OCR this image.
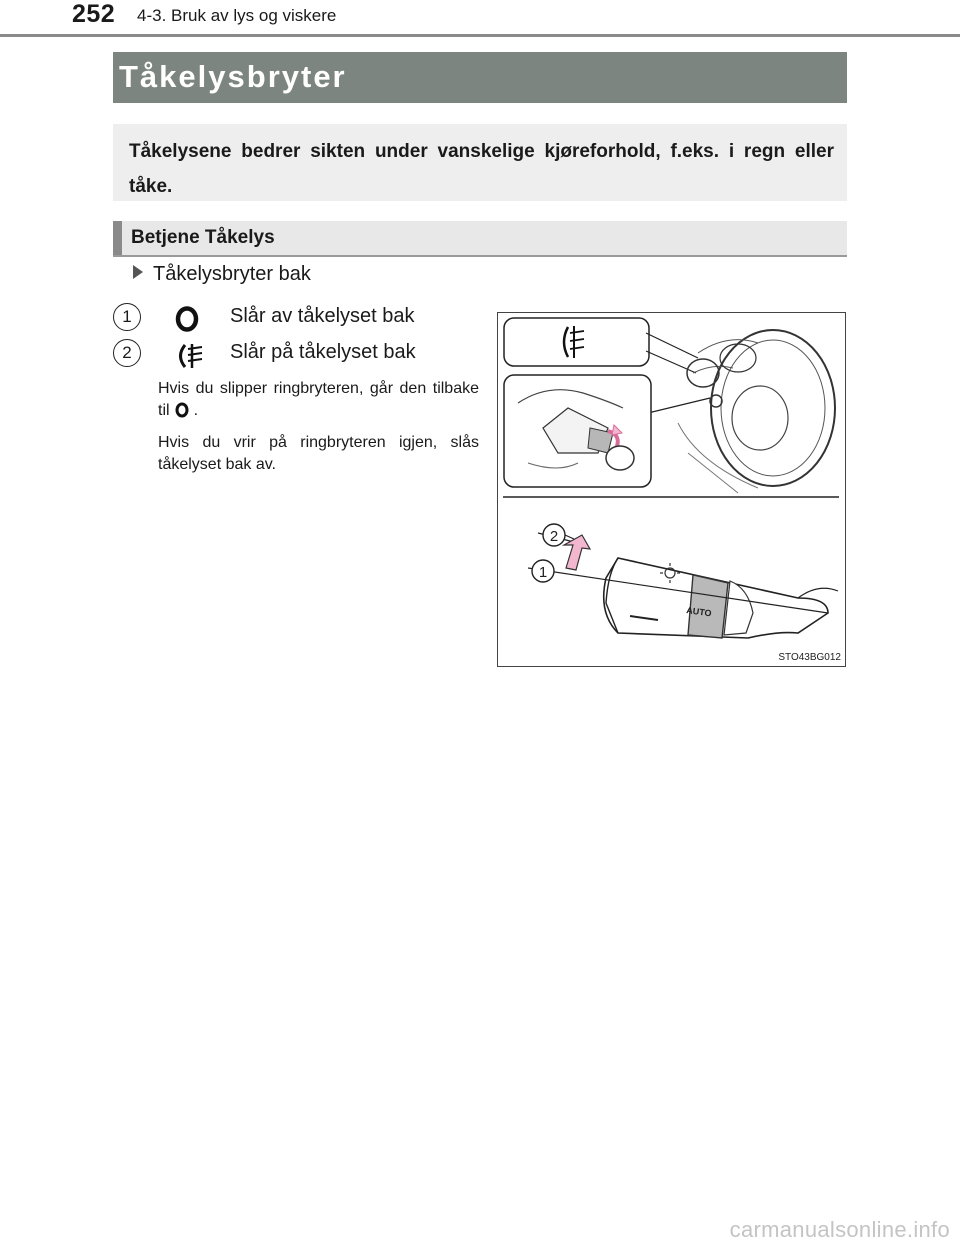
252 4-3. Bruk av lys og viskere
Tåkelysbryter
Tåkelysene bedrer sikten under vanskelige kjøreforhold, f.eks. i regn eller tåke.
Betjene Tåkelys
Tåkelysbryter bak
1	Slår av tåkelyset bak
2	Slår på tåkelyset bak
Hvis du slipper ringbryteren, går den tilbake til .
Hvis du vrir på ringbryteren igjen, slås tåkelyset bak av.
AUTO
2
1
STO43BG012
carmanualsonline.info
